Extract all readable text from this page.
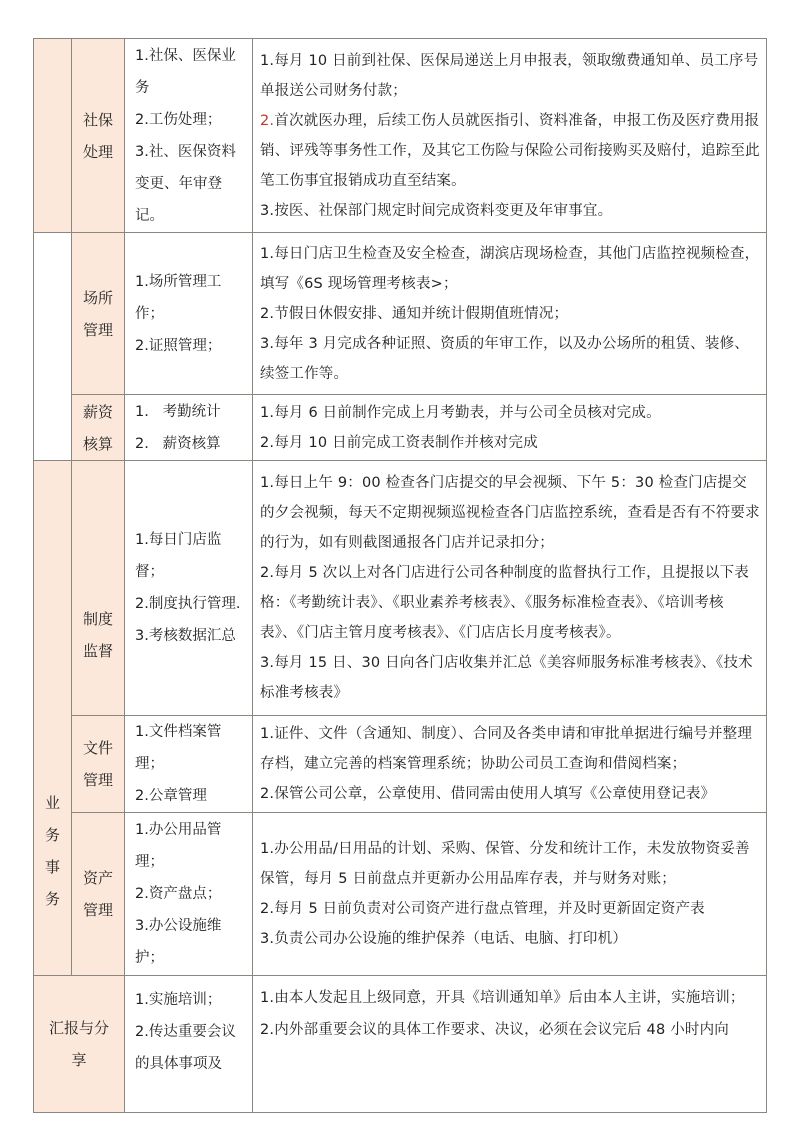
业
务
事
务
社保
处理

1.社保、医保业务

2.工伤处理；

3.社、医保资料变更、年审登记。

1.每月 10 日前到社保、医保局递送上月申报表，领取缴费通知单、员工序号单报送公司财务付款；

2.首次就医办理，后续工伤人员就医指引、资料准备，申报工伤及医疗费用报销、评残等事务性工作，及其它工伤险与保险公司衔接购买及赔付，追踪至此笔工伤事宜报销成功直至结案。

3.按医、社保部门规定时间完成资料变更及年审事宜。

场所
管理

1.场所管理工作；

2.证照管理；

1.每日门店卫生检查及安全检查，湖滨店现场检查，其他门店监控视频检查，填写《6S 现场管理考核表>；

2.节假日休假安排、通知并统计假期值班情况；

3.每年 3 月完成各种证照、资质的年审工作，以及办公场所的租赁、装修、续签工作等。

薪资
核算

1.   考勤统计

2.   薪资核算

1.每月 6 日前制作完成上月考勤表，并与公司全员核对完成。

2.每月 10 日前完成工资表制作并核对完成

制度
监督

1.每日门店监督；

2.制度执行管理.

3.考核数据汇总

1.每日上午 9：00 检查各门店提交的早会视频、下午 5：30 检查门店提交的夕会视频，每天不定期视频巡视检查各门店监控系统，查看是否有不符要求的行为，如有则截图通报各门店并记录扣分；

2.每月 5 次以上对各门店进行公司各种制度的监督执行工作，且提报以下表格：《考勤统计表》、《职业素养考核表》、《服务标准检查表》、《培训考核表》、《门店主管月度考核表》、《门店店长月度考核表》。

3.每月 15 日、30 日向各门店收集并汇总《美容师服务标准考核表》、《技术标准考核表》

文件
管理

1.文件档案管理；

2.公章管理

1.证件、文件（含通知、制度）、合同及各类申请和审批单据进行编号并整理存档，建立完善的档案管理系统；协助公司员工查询和借阅档案；

2.保管公司公章，公章使用、借同需由使用人填写《公章使用登记表》

资产
管理

1.办公用品管理；

2.资产盘点；

3.办公设施维护；

1.办公用品/日用品的计划、采购、保管、分发和统计工作，未发放物资妥善保管，每月 5 日前盘点并更新办公用品库存表，并与财务对账；

2.每月 5 日前负责对公司资产进行盘点管理，并及时更新固定资产表

3.负责公司办公设施的维护保养（电话、电脑、打印机）

汇报与分
享

1.实施培训；

2.传达重要会议的具体事项及

1.由本人发起且上级同意，开具《培训通知单》后由本人主讲，实施培训；

2.内外部重要会议的具体工作要求、决议，必须在会议完后 48 小时内向
